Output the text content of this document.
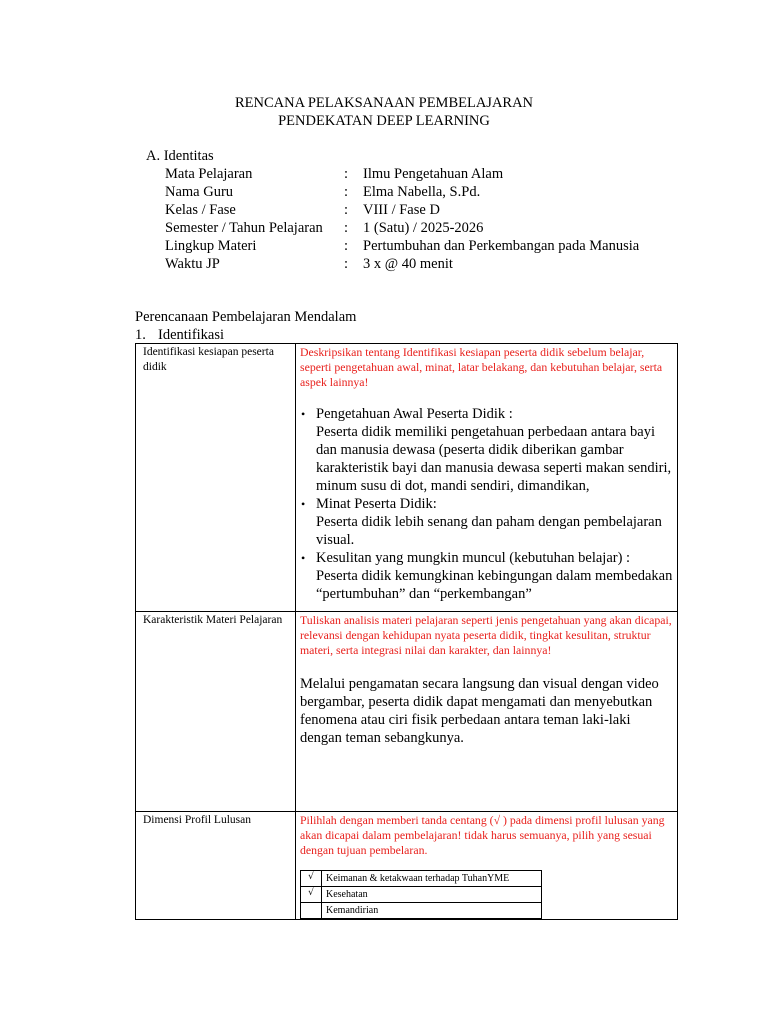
RENCANA PELAKSANAAN PEMBELAJARAN
PENDEKATAN DEEP LEARNING
A. Identitas
Mata Pelajaran	: Ilmu Pengetahuan Alam
Nama Guru	: Elma Nabella, S.Pd.
Kelas / Fase	: VIII / Fase D
Semester / Tahun Pelajaran : 1 (Satu) / 2025-2026
Lingkup Materi	: Pertumbuhan dan Perkembangan pada Manusia
Waktu JP	: 3 x @ 40 menit
Perencanaan Pembelajaran Mendalam
1. Identifikasi
Identifikasi kesiapan peserta didik	
Deskripsikan tentang Identifikasi kesiapan peserta didik sebelum belajar, seperti pengetahuan awal, minat, latar belakang, dan kebutuhan belajar, serta aspek lainnya!
• Pengetahuan Awal Peserta Didik :
Peserta didik memiliki pengetahuan perbedaan antara bayi dan manusia dewasa (peserta didik diberikan gambar karakteristik bayi dan manusia dewasa seperti makan sendiri, minum susu di dot, mandi sendiri, dimandikan,
• Minat Peserta Didik:
Peserta didik lebih senang dan paham dengan pembelajaran visual.
• Kesulitan yang mungkin muncul (kebutuhan belajar) :
Peserta didik kemungkinan kebingungan dalam membedakan “pertumbuhan” dan “perkembangan”

Karakteristik Materi Pelajaran	Tuliskan analisis materi pelajaran seperti jenis pengetahuan yang akan dicapai, relevansi dengan kehidupan nyata peserta didik, tingkat kesulitan, struktur materi, serta integrasi nilai dan karakter, dan lainnya!
Melalui pengamatan secara langsung dan visual dengan video bergambar, peserta didik dapat mengamati dan menyebutkan fenomena atau ciri fisik perbedaan antara teman laki-laki dengan teman sebangkunya.

Dimensi Profil Lulusan	Pilihlah dengan memberi tanda centang (√ ) pada dimensi profil lulusan yang akan dicapai dalam pembelajaran! tidak harus semuanya, pilih yang sesuai dengan tujuan pembelaran.
√	Keimanan & ketakwaan terhadap TuhanYME
√	Kesehatan
	Kemandirian
